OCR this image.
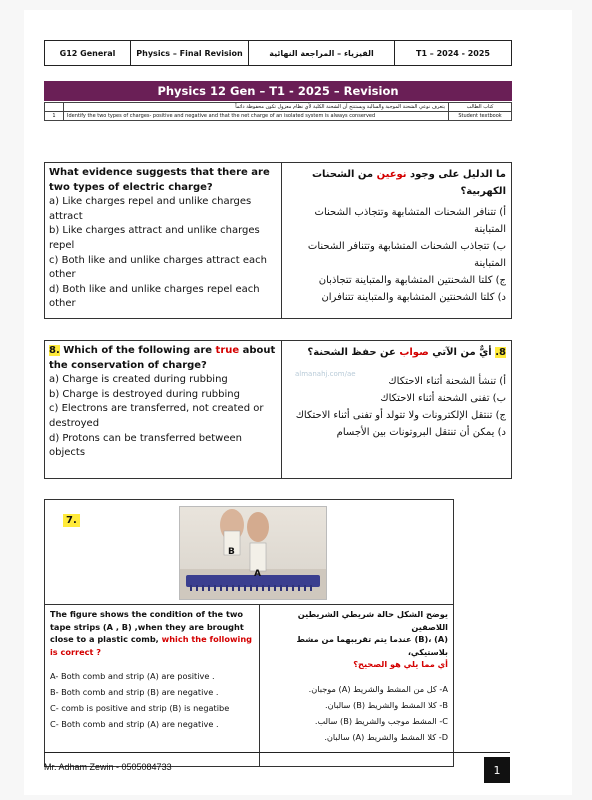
G12 General	Physics – Final Revision	الفيزياء – المراجعة النهائية	T1 – 2024 - 2025
Physics 12 Gen – T1 - 2025 – Revision
يتعرف نوعي الشحنة الموجبة والسالبة ويستنتج أن الشحنة الكلية لأي نظام معزول تكون محفوظة دائماً	كتاب الطالب
1	Identify the two types of charges- positive and negative and that the net charge of an isolated system is always conserved	Student textbook
What evidence suggests that there are two types of electric charge?
a) Like charges repel and unlike charges attract
b) Like charges attract and unlike charges repel
c) Both like and unlike charges attract each other
d) Both like and unlike charges repel each other
ما الدليل على وجود نوعين من الشحنات الكهربية؟
أ) تتنافر الشحنات المتشابهة وتتجاذب الشحنات المتباينة
ب) تتجاذب الشحنات المتشابهة وتتنافر الشحنات المتباينة
ج) كلتا الشحنتين المتشابهة والمتباينة تتجاذبان
د) كلتا الشحنتين المتشابهة والمتباينة تتنافران
8. Which of the following are true about the conservation of charge?
a) Charge is created during rubbing
b) Charge is destroyed during rubbing
c) Electrons are transferred, not created or destroyed
d) Protons can be transferred between objects
8. أيٌّ من الآتي صواب عن حفظ الشحنة؟
أ) تنشأ الشحنة أثناء الاحتكاك
ب) تفنى الشحنة أثناء الاحتكاك
ج) تنتقل الإلكترونات ولا تتولد أو تفنى أثناء الاحتكاك
د) يمكن أن تنتقل البروتونات بين الأجسام
almanahj.com/ae
7.
B
A
The figure shows the condition of the two tape strips (A , B) ,when they are brought close to a plastic comb, which the following is correct ?
A- Both comb and strip (A) are positive .
B- Both comb and strip (B) are negative .
C- comb is positive and strip (B) is negatibe
C- Both comb and strip (A) are negative .
يوضح الشكل حالة شريطي الشريطين اللاصقين
(A) ،(B) عندما يتم تقريبهما من مشط بلاستيكي،
أي مما يلي هو الصحيح؟
A- كل من المشط والشريط (A) موجبان.
B- كلا المشط والشريط (B) سالبان.
C- المشط موجب والشريط (B) سالب.
D- كلا المشط والشريط (A) سالبان.
Mr. Adham Zewin - 0505084733	1
